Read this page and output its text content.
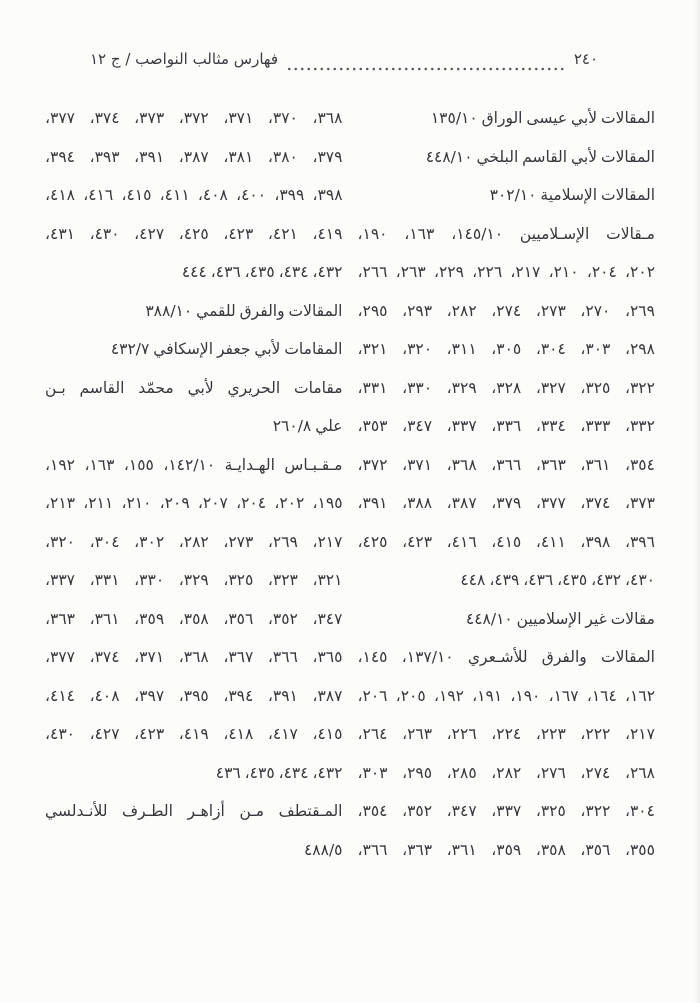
فهارس مثالب النواصب / ج ١٢	٢٤٠
المقالات لأبي عيسى الوراق ١٣٥/١٠
المقالات لأبي القاسم البلخي ٤٤٨/١٠
المقالات الإسلامية ٣٠٢/١٠
مـقالات الإسـلاميين ١٤٥/١٠، ١٦٣، ١٩٠،
٢٠٢، ٢٠٤، ٢١٠، ٢١٧، ٢٢٦، ٢٢٩، ٢٦٣، ٢٦٦،
٢٦٩، ٢٧٠، ٢٧٣، ٢٧٤، ٢٨٢، ٢٩٣، ٢٩٥،
٢٩٨، ٣٠٣، ٣٠٤، ٣٠٥، ٣١١، ٣٢٠، ٣٢١،
٣٢٢، ٣٢٥، ٣٢٧، ٣٢٨، ٣٢٩، ٣٣٠، ٣٣١،
٣٣٢، ٣٣٣، ٣٣٤، ٣٣٦، ٣٣٧، ٣٤٧، ٣٥٣،
٣٥٤، ٣٦١، ٣٦٣، ٣٦٦، ٣٦٨، ٣٧١، ٣٧٢،
٣٧٣، ٣٧٤، ٣٧٧، ٣٧٩، ٣٨٧، ٣٨٨، ٣٩١،
٣٩٦، ٣٩٨، ٤١١، ٤١٥، ٤١٦، ٤٢٣، ٤٢٥،
٤٣٠، ٤٣٢، ٤٣٥، ٤٣٦، ٤٣٩، ٤٤٨
مقالات غير الإسلاميين ٤٤٨/١٠
المقالات والفرق للأشـعري ١٣٧/١٠، ١٤٥،
١٦٢، ١٦٤، ١٦٧، ١٩٠، ١٩١، ١٩٢، ٢٠٥، ٢٠٦،
٢١٧، ٢٢٢، ٢٢٣، ٢٢٤، ٢٢٦، ٢٦٣، ٢٦٤،
٢٦٨، ٢٧٤، ٢٧٦، ٢٨٢، ٢٨٥، ٢٩٥، ٣٠٣،
٣٠٤، ٣٢٢، ٣٢٥، ٣٣٧، ٣٤٧، ٣٥٢، ٣٥٤،
٣٥٥، ٣٥٦، ٣٥٨، ٣٥٩، ٣٦١، ٣٦٣، ٣٦٦،
٣٦٨، ٣٧٠، ٣٧١، ٣٧٢، ٣٧٣، ٣٧٤، ٣٧٧،
٣٧٩، ٣٨٠، ٣٨١، ٣٨٧، ٣٩١، ٣٩٣، ٣٩٤،
٣٩٨، ٣٩٩، ٤٠٠، ٤٠٨، ٤١١، ٤١٥، ٤١٦، ٤١٨،
٤١٩، ٤٢١، ٤٢٣، ٤٢٥، ٤٢٧، ٤٣٠، ٤٣١،
٤٣٢، ٤٣٤، ٤٣٥، ٤٣٦، ٤٤٤
المقالات والفرق للقمي ٣٨٨/١٠
المقامات لأبي جعفر الإسكافي ٤٣٢/٧
مقامات الحريري لأبي محمّد القاسم بـن
علي ٢٦٠/٨
مـقـبـاس الهـدايـة ١٤٢/١٠، ١٥٥، ١٦٣، ١٩٢،
١٩٥، ٢٠٢، ٢٠٤، ٢٠٧، ٢٠٩، ٢١٠، ٢١١، ٢١٣،
٢١٧، ٢٦٩، ٢٧٣، ٢٨٢، ٣٠٢، ٣٠٤، ٣٢٠،
٣٢١، ٣٢٣، ٣٢٥، ٣٢٩، ٣٣٠، ٣٣١، ٣٣٧،
٣٤٧، ٣٥٢، ٣٥٦، ٣٥٨، ٣٥٩، ٣٦١، ٣٦٣،
٣٦٥، ٣٦٦، ٣٦٧، ٣٦٨، ٣٧١، ٣٧٤، ٣٧٧،
٣٨٧، ٣٩١، ٣٩٤، ٣٩٥، ٣٩٧، ٤٠٨، ٤١٤،
٤١٥، ٤١٧، ٤١٨، ٤١٩، ٤٢٣، ٤٢٧، ٤٣٠،
٤٣٢، ٤٣٤، ٤٣٥، ٤٣٦
المـقتطف مـن أزاهـر الطـرف للأنـدلسي
٤٨٨/٥
